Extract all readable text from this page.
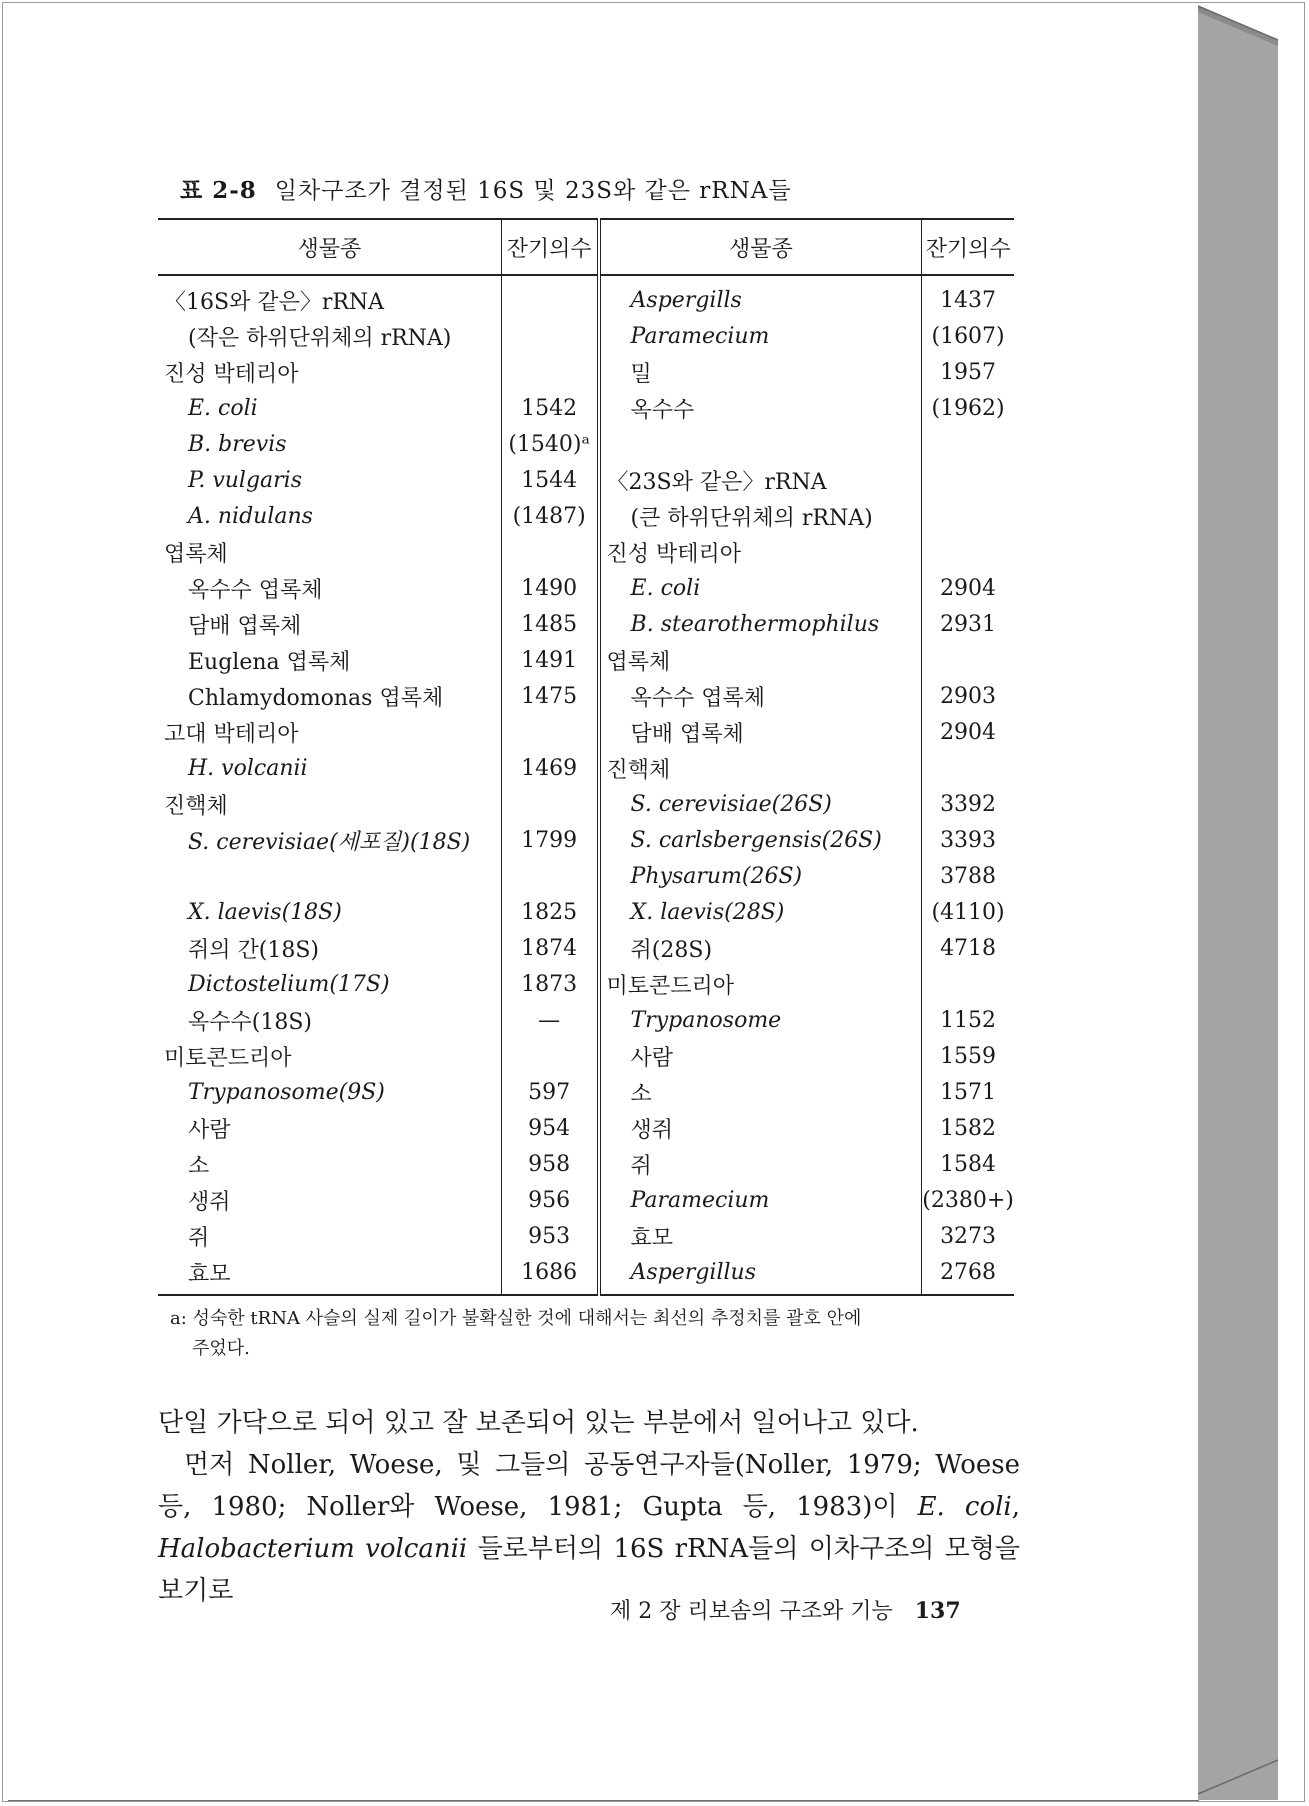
표 2-8 일차구조가 결정된 16S 및 23S와 같은 rRNA들
생물종	잔기의수	생물종	잔기의수
〈16S와 같은〉rRNA		Aspergills	1437
(작은 하위단위체의 rRNA)		Paramecium	(1607)
진성 박테리아		밀	1957
E. coli	1542	옥수수	(1962)
B. brevis	(1540)ᵃ		
P. vulgaris	1544	〈23S와 같은〉rRNA	
A. nidulans	(1487)	(큰 하위단위체의 rRNA)	
엽록체		진성 박테리아	
옥수수 엽록체	1490	E. coli	2904
담배 엽록체	1485	B. stearothermophilus	2931
Euglena 엽록체	1491	엽록체	
Chlamydomonas 엽록체	1475	옥수수 엽록체	2903
고대 박테리아		담배 엽록체	2904
H. volcanii	1469	진핵체	
진핵체		S. cerevisiae(26S)	3392
S. cerevisiae(세포질)(18S)	1799	S. carlsbergensis(26S)	3393
		Physarum(26S)	3788
X. laevis(18S)	1825	X. laevis(28S)	(4110)
쥐의 간(18S)	1874	쥐(28S)	4718
Dictostelium(17S)	1873	미토콘드리아	
옥수수(18S)	—	Trypanosome	1152
미토콘드리아		사람	1559
Trypanosome(9S)	597	소	1571
사람	954	생쥐	1582
소	958	쥐	1584
생쥐	956	Paramecium	(2380+)
쥐	953	효모	3273
효모	1686	Aspergillus	2768
a: 성숙한 tRNA 사슬의 실제 길이가 불확실한 것에 대해서는 최선의 추정치를 괄호 안에
주었다.

단일 가닥으로 되어 있고 잘 보존되어 있는 부분에서 일어나고 있다.

먼저 Noller, Woese, 및 그들의 공동연구자들(Noller, 1979; Woese 등, 1980; Noller와 Woese, 1981; Gupta 등, 1983)이 E. coli, Halobacterium volcanii 들로부터의 16S rRNA들의 이차구조의 모형을 보기로

제 2 장 리보솜의 구조와 기능 137
